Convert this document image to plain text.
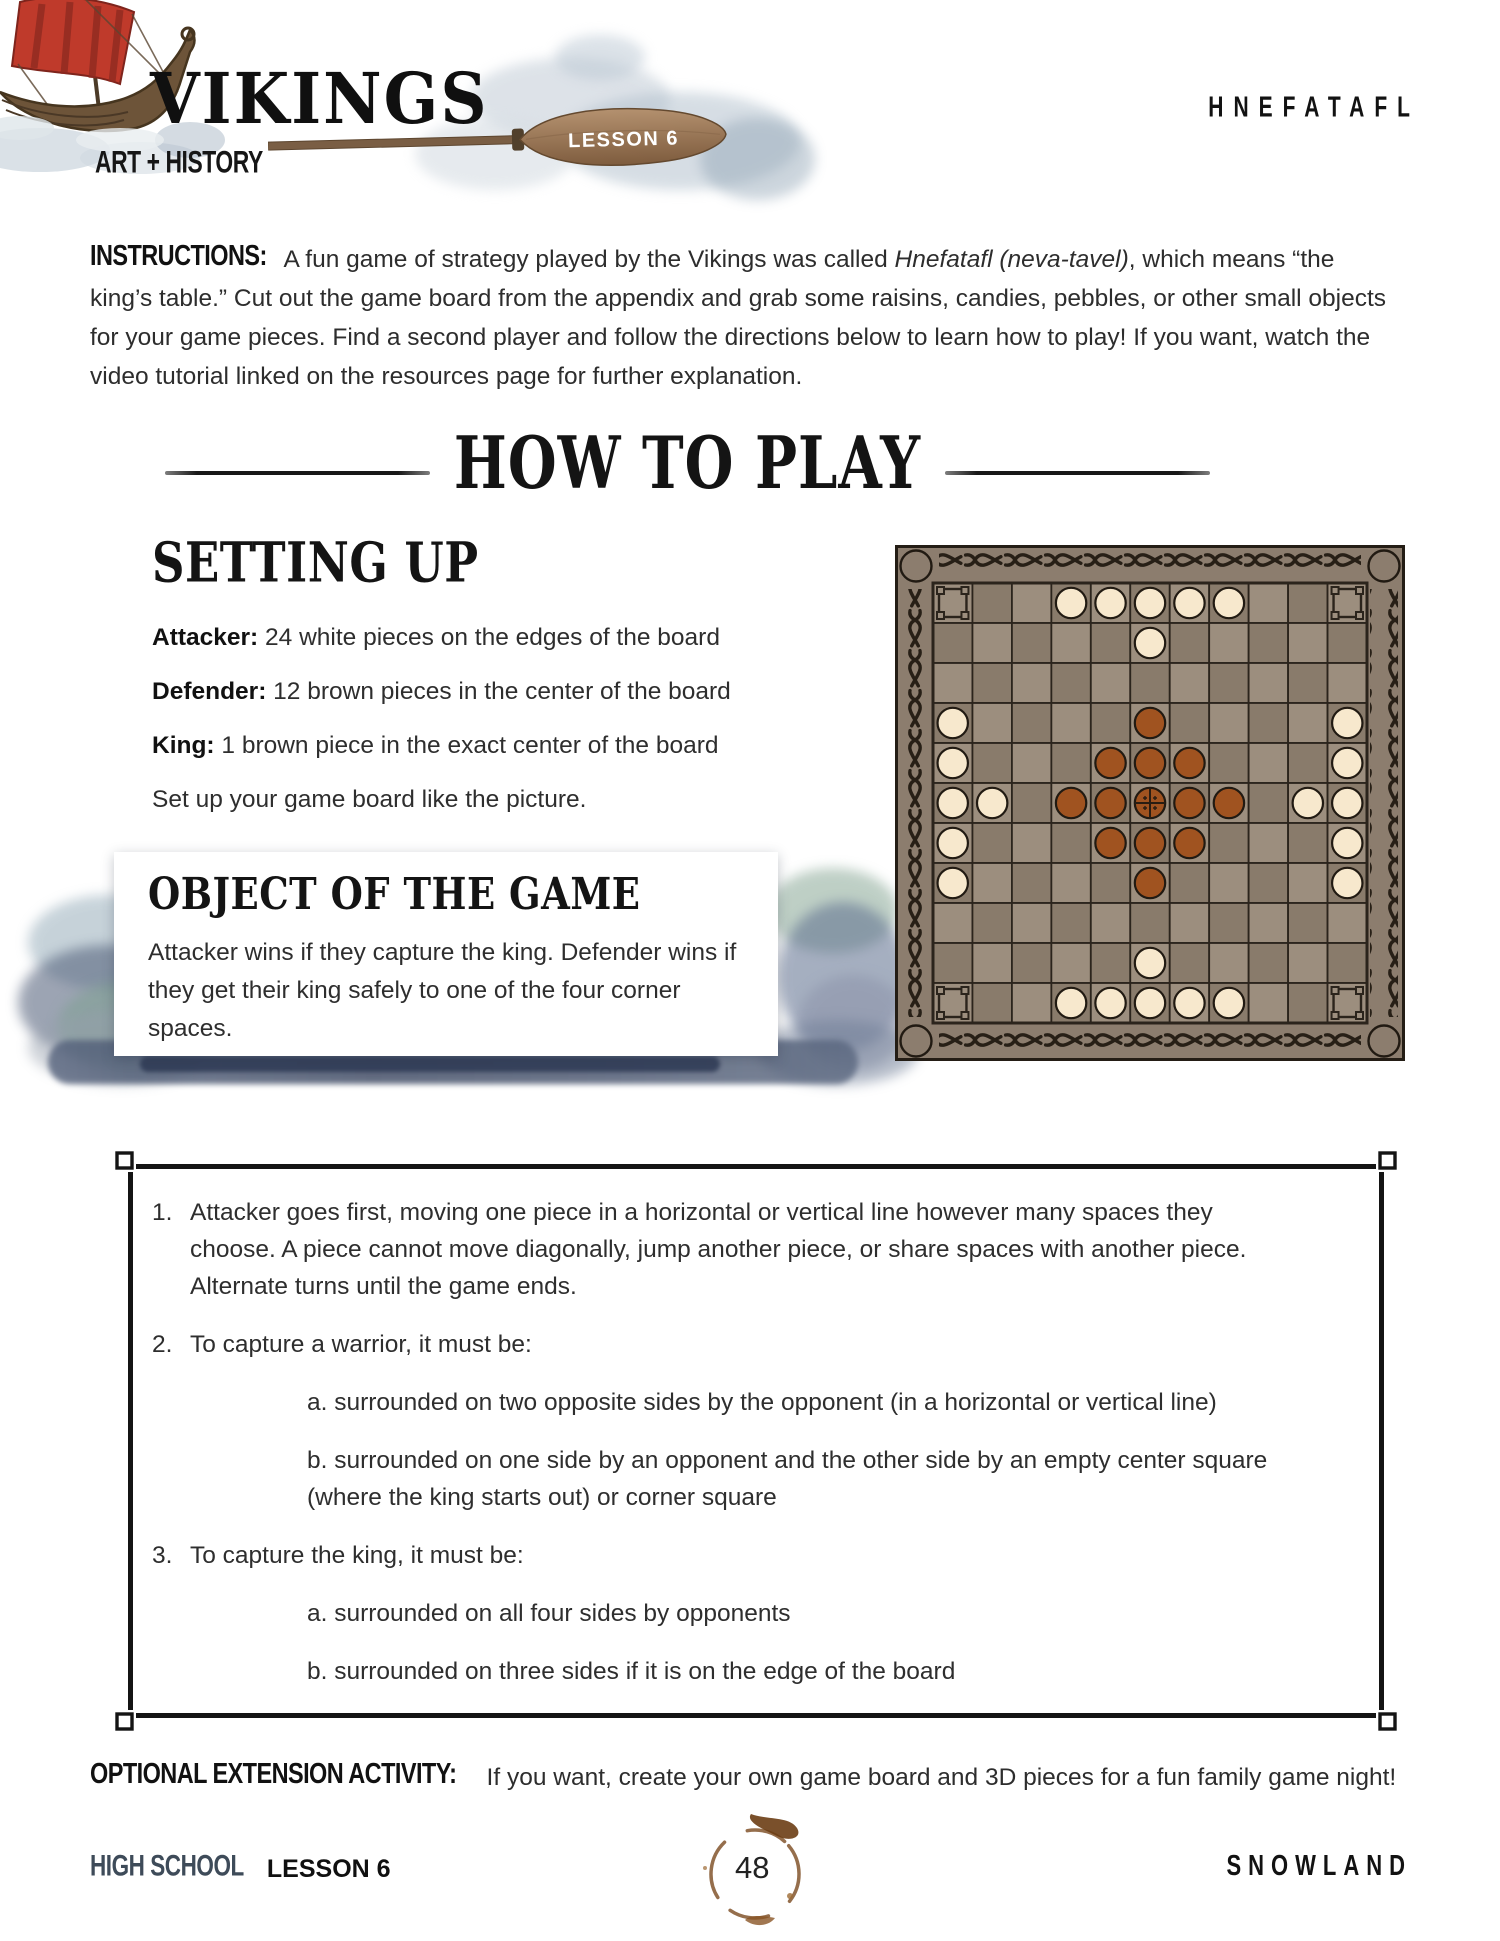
VIKINGS	LESSON 6
ART + HISTORY
HNEFATAFL
INSTRUCTIONS: A fun game of strategy played by the Vikings was called Hnefatafl (neva-tavel), which means “the king’s table.” Cut out the game board from the appendix and grab some raisins, candies, pebbles, or other small objects for your game pieces. Find a second player and follow the directions below to learn how to play! If you want, watch the video tutorial linked on the resources page for further explanation.
HOW TO PLAY
SETTING UP
Attacker: 24 white pieces on the edges of the board
Defender: 12 brown pieces in the center of the board
King: 1 brown piece in the exact center of the board
Set up your game board like the picture.
OBJECT OF THE GAME
Attacker wins if they capture the king. Defender wins if they get their king safely to one of the four corner spaces.
1. Attacker goes first, moving one piece in a horizontal or vertical line however many spaces they choose. A piece cannot move diagonally, jump another piece, or share spaces with another piece. Alternate turns until the game ends.
2. To capture a warrior, it must be:
a. surrounded on two opposite sides by the opponent (in a horizontal or vertical line)
b. surrounded on one side by an opponent and the other side by an empty center square (where the king starts out) or corner square
3. To capture the king, it must be:
a. surrounded on all four sides by opponents
b. surrounded on three sides if it is on the edge of the board
OPTIONAL EXTENSION ACTIVITY: If you want, create your own game board and 3D pieces for a fun family game night!
HIGH SCHOOL LESSON 6	48	SNOWLAND
